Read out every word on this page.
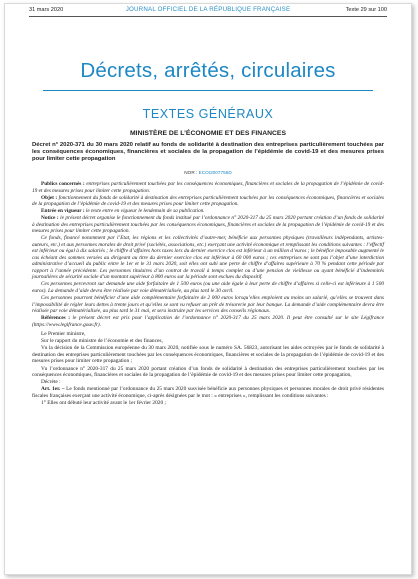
31 mars 2020	JOURNAL OFFICIEL DE LA RÉPUBLIQUE FRANÇAISE	Texte 29 sur 100
Décrets, arrêtés, circulaires
TEXTES GÉNÉRAUX
MINISTÈRE DE L’ÉCONOMIE ET DES FINANCES
Décret n° 2020-371 du 30 mars 2020 relatif au fonds de solidarité à destination des entreprises particulièrement touchées par les conséquences économiques, financières et sociales de la propagation de l’épidémie de covid-19 et des mesures prises pour limiter cette propagation
NOR : ECOI2007755D

Publics concernés : entreprises particulièrement touchées par les conséquences économiques, financières et sociales de la propagation de l’épidémie de covid-19 et des mesures prises pour limiter cette propagation.

Objet : fonctionnement du fonds de solidarité à destination des entreprises particulièrement touchées par les conséquences économiques, financières et sociales de la propagation de l’épidémie de covid-19 et des mesures prises pour limiter cette propagation.

Entrée en vigueur : le texte entre en vigueur le lendemain de sa publication.

Notice : le présent décret organise le fonctionnement du fonds institué par l’ordonnance n° 2020-317 du 25 mars 2020 portant création d’un fonds de solidarité à destination des entreprises particulièrement touchées par les conséquences économiques, financières et sociales de la propagation de l’épidémie de covid-19 et des mesures prises pour limiter cette propagation.

Ce fonds, financé notamment par l’Etat, les régions et les collectivités d’outre-mer, bénéficie aux personnes physiques (travailleurs indépendants, artistes-auteurs, etc.) et aux personnes morales de droit privé (sociétés, associations, etc.) exerçant une activité économique et remplissant les conditions suivantes : l’effectif est inférieur ou égal à dix salariés ; le chiffre d’affaires hors taxes lors du dernier exercice clos est inférieur à un million d’euros ; le bénéfice imposable augmenté le cas échéant des sommes versées au dirigeant au titre du dernier exercice clos est inférieur à 60 000 euros ; ces entreprises ne sont pas l’objet d’une interdiction administrative d’accueil du public entre le 1er et le 31 mars 2020, soit elles ont subi une perte de chiffre d’affaires supérieure à 70 % pendant cette période par rapport à l’année précédente. Les personnes titulaires d’un contrat de travail à temps complet ou d’une pension de vieillesse ou ayant bénéficié d’indemnités journalières de sécurité sociale d’un montant supérieur à 800 euros sur la période sont exclues du dispositif.

Ces personnes percevront sur demande une aide forfaitaire de 1 500 euros (ou une aide égale à leur perte de chiffre d’affaires si celle-ci est inférieure à 1 500 euros). La demande d’aide devra être réalisée par voie dématérialisée, au plus tard le 30 avril.

Ces personnes pourront bénéficier d’une aide complémentaire forfaitaire de 2 000 euros lorsqu’elles emploient au moins un salarié, qu’elles se trouvent dans l’impossibilité de régler leurs dettes à trente jours et qu’elles se sont vu refuser un prêt de trésorerie par leur banque. La demande d’aide complémentaire devra être réalisée par voie dématérialisée, au plus tard le 31 mai, et sera instruite par les services des conseils régionaux.

Références : le présent décret est pris pour l’application de l’ordonnance n° 2020-317 du 25 mars 2020. Il peut être consulté sur le site Légifrance (https://www.legifrance.gouv.fr).

Le Premier ministre,

Sur le rapport du ministre de l’économie et des finances,

Vu la décision de la Commission européenne du 30 mars 2020, notifiée sous le numéro SA. 56823, autorisant les aides octroyées par le fonds de solidarité à destination des entreprises particulièrement touchées par les conséquences économiques, financières et sociales de la propagation de l’épidémie de covid-19 et des mesures prises pour limiter cette propagation ;

Vu l’ordonnance n° 2020-317 du 25 mars 2020 portant création d’un fonds de solidarité à destination des entreprises particulièrement touchées par les conséquences économiques, financières et sociales de la propagation de l’épidémie de covid-19 et des mesures prises pour limiter cette propagation,

Décrète :

Art. 1er. – Le fonds mentionné par l’ordonnance du 25 mars 2020 susvisée bénéficie aux personnes physiques et personnes morales de droit privé résidentes fiscales françaises exerçant une activité économique, ci-après désignées par le mot : « entreprises », remplissant les conditions suivantes :

1° Elles ont débuté leur activité avant le 1er février 2020 ;
